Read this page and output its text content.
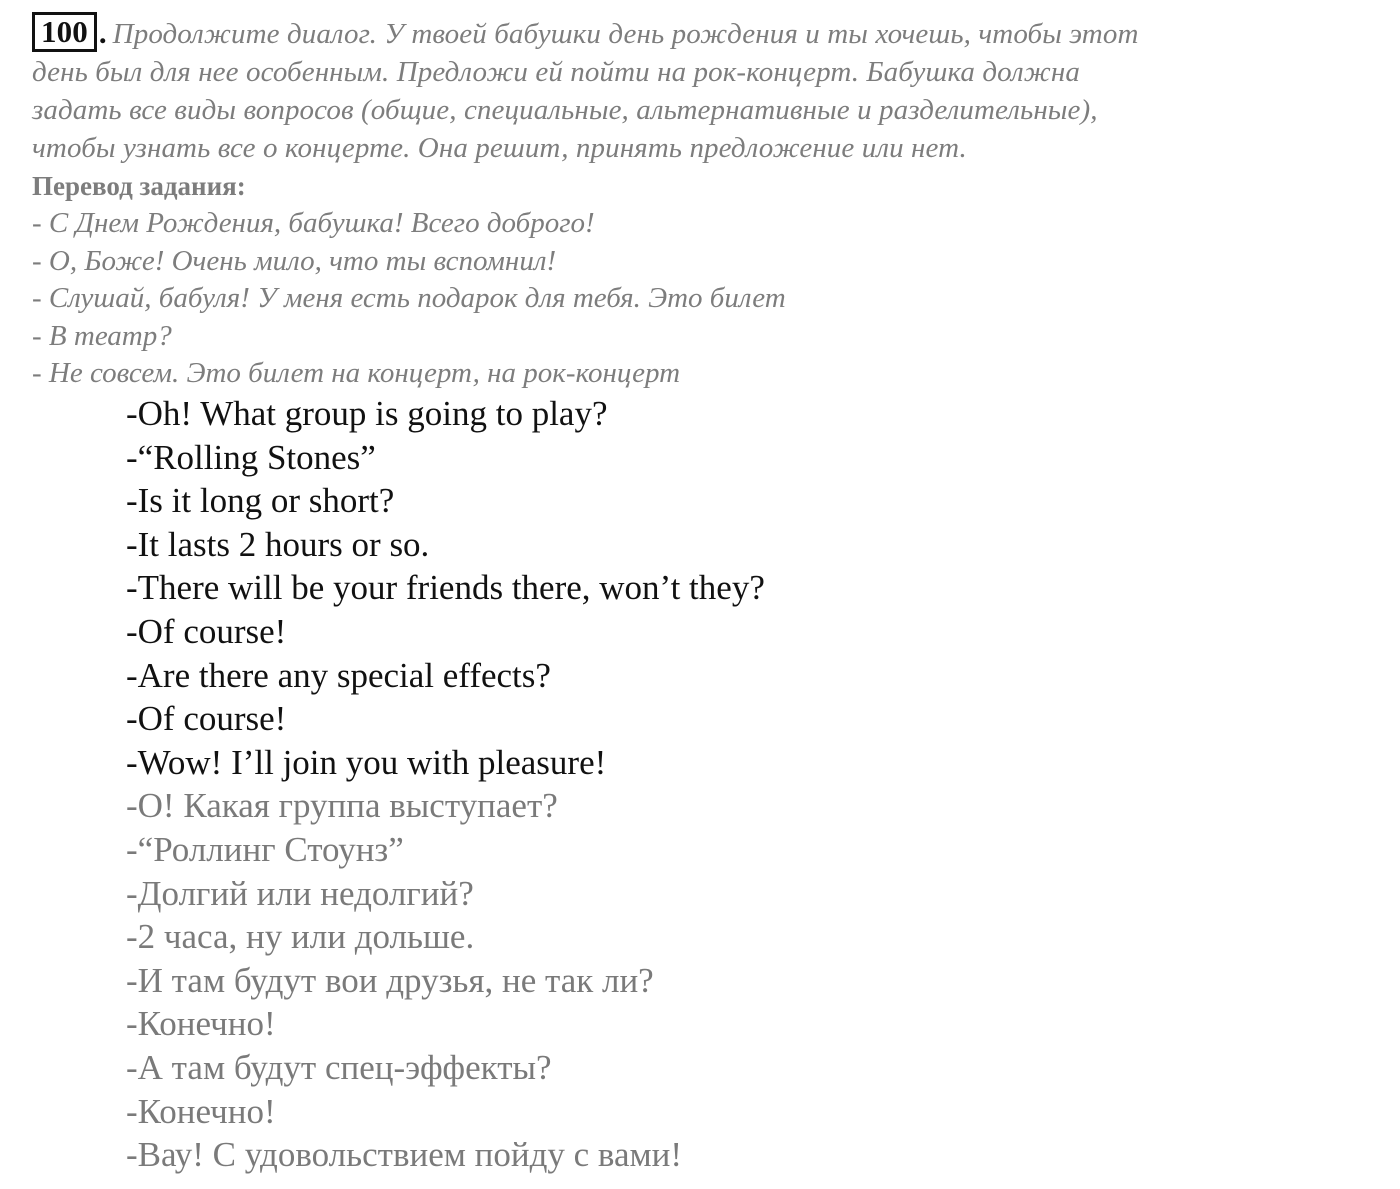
100 . Продолжите диалог. У твоей бабушки день рождения и ты хочешь, чтобы этот
день был для нее особенным. Предложи ей пойти на рок-концерт. Бабушка должна
задать все виды вопросов (общие, специальные, альтернативные и разделительные),
чтобы узнать все о концерте. Она решит, принять предложение или нет.
Перевод задания:
- С Днем Рождения, бабушка! Всего доброго!
- О, Боже! Очень мило, что ты вспомнил!
- Слушай, бабуля! У меня есть подарок для тебя. Это билет
- В театр?
- Не совсем. Это билет на концерт, на рок-концерт
-Oh! What group is going to play?
-“Rolling Stones”
-Is it long or short?
-It lasts 2 hours or so.
-There will be your friends there, won’t they?
-Of course!
-Are there any special effects?
-Of course!
-Wow! I’ll join you with pleasure!
-О! Какая группа выступает?
-“Роллинг Стоунз”
-Долгий или недолгий?
-2 часа, ну или дольше.
-И там будут вои друзья, не так ли?
-Конечно!
-А там будут спец-эффекты?
-Конечно!
-Вау! С удовольствием пойду с вами!
